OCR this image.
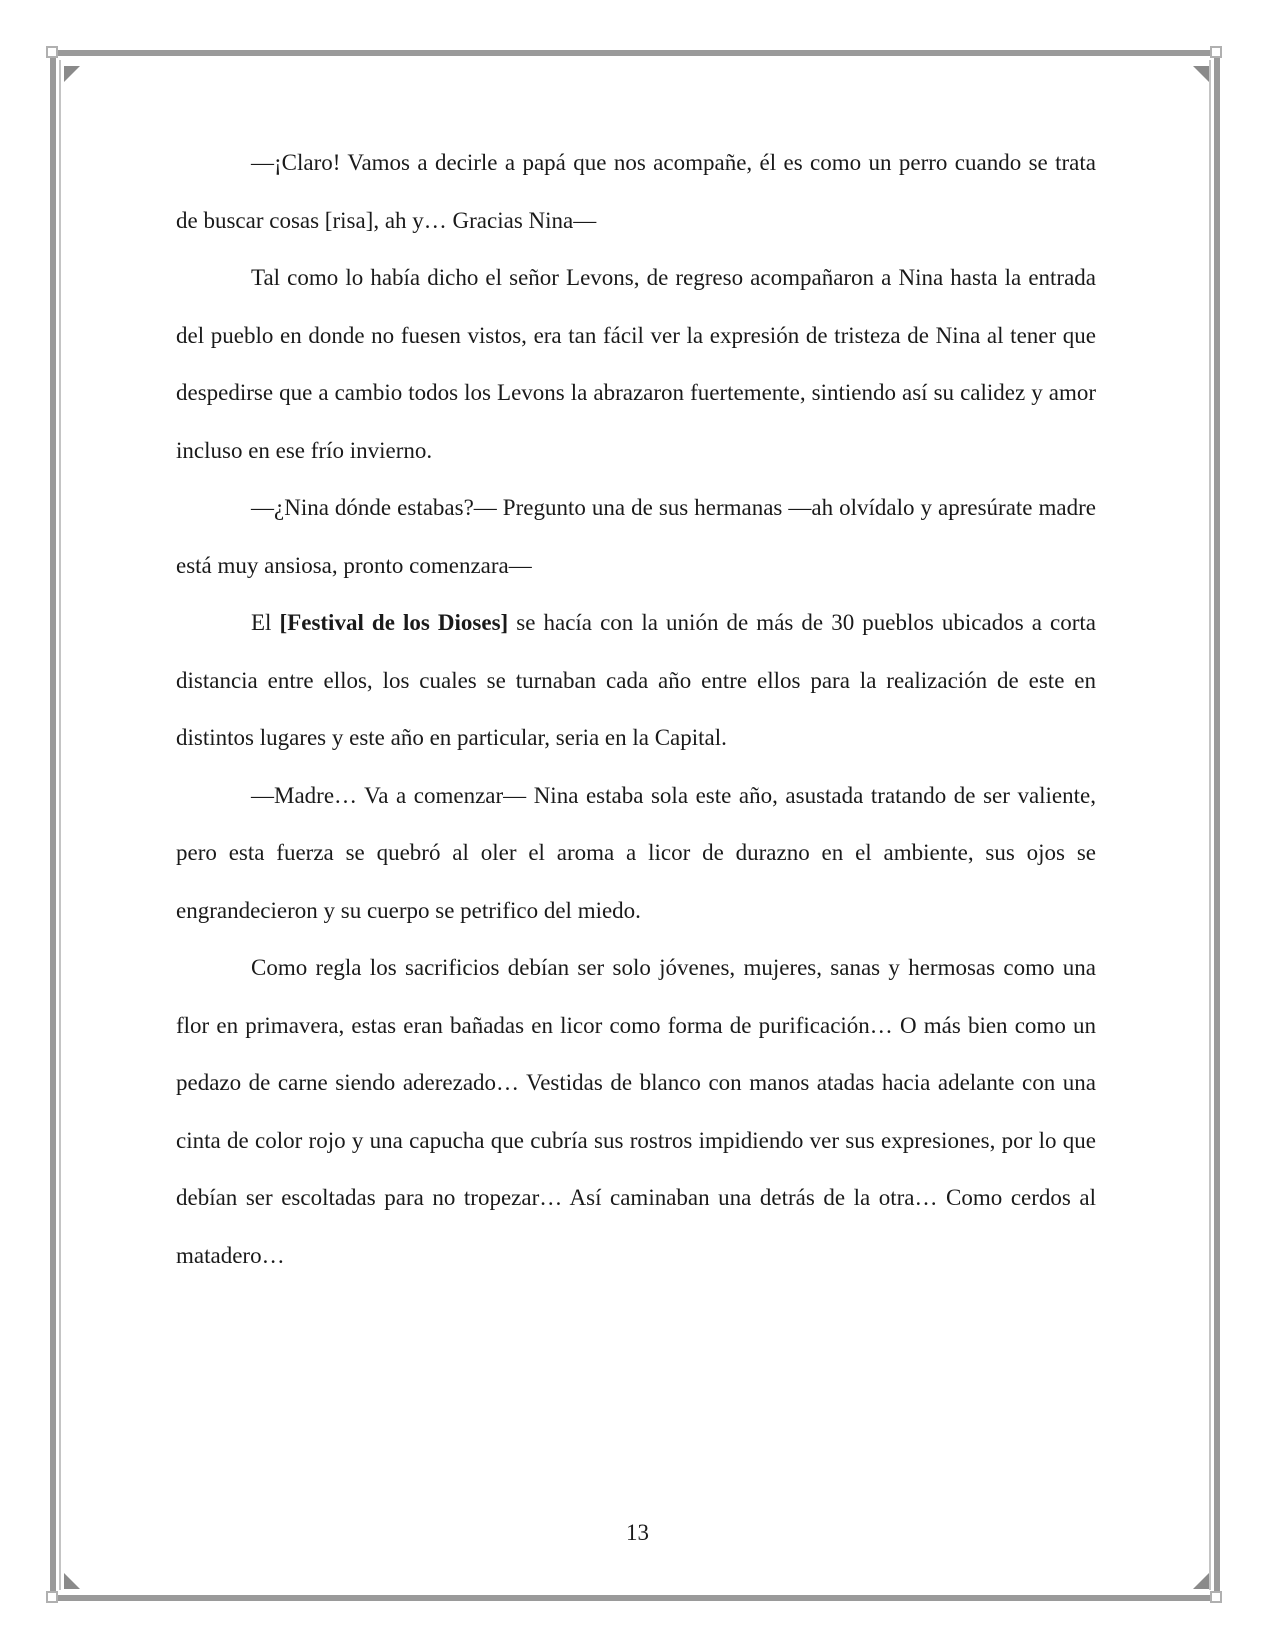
—¡Claro! Vamos a decirle a papá que nos acompañe, él es como un perro cuando se trata de buscar cosas [risa], ah y… Gracias Nina—

Tal como lo había dicho el señor Levons, de regreso acompañaron a Nina hasta la entrada del pueblo en donde no fuesen vistos, era tan fácil ver la expresión de tristeza de Nina al tener que despedirse que a cambio todos los Levons la abrazaron fuertemente, sintiendo así su calidez y amor incluso en ese frío invierno.

—¿Nina dónde estabas?— Pregunto una de sus hermanas —ah olvídalo y apresúrate madre está muy ansiosa, pronto comenzara—

El [Festival de los Dioses] se hacía con la unión de más de 30 pueblos ubicados a corta distancia entre ellos, los cuales se turnaban cada año entre ellos para la realización de este en distintos lugares y este año en particular, seria en la Capital.

—Madre… Va a comenzar— Nina estaba sola este año, asustada tratando de ser valiente, pero esta fuerza se quebró al oler el aroma a licor de durazno en el ambiente, sus ojos se engrandecieron y su cuerpo se petrifico del miedo.

Como regla los sacrificios debían ser solo jóvenes, mujeres, sanas y hermosas como una flor en primavera, estas eran bañadas en licor como forma de purificación… O más bien como un pedazo de carne siendo aderezado… Vestidas de blanco con manos atadas hacia adelante con una cinta de color rojo y una capucha que cubría sus rostros impidiendo ver sus expresiones, por lo que debían ser escoltadas para no tropezar… Así caminaban una detrás de la otra… Como cerdos al matadero…

13
